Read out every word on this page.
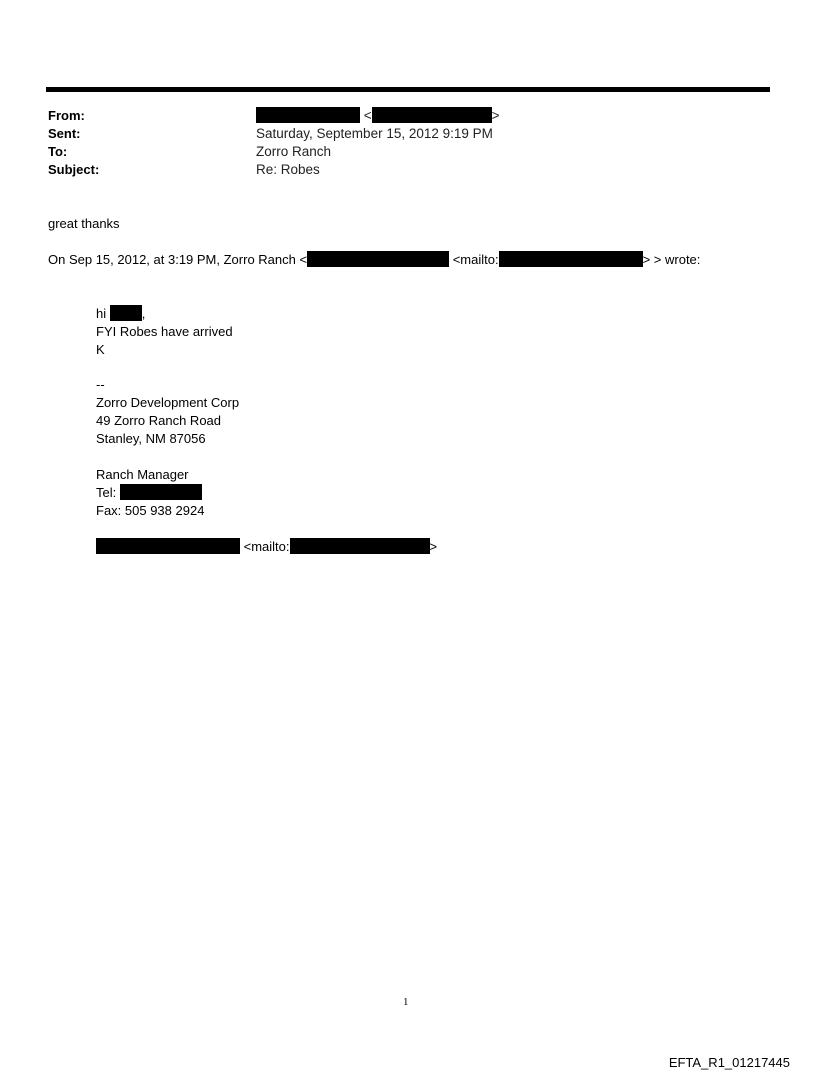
From:	<	>
Sent:	Saturday, September 15, 2012 9:19 PM
To:	Zorro Ranch
Subject:	Re: Robes
great thanks
On Sep 15, 2012, at 3:19 PM, Zorro Ranch <	<mailto:	> > wrote:
hi	,
FYI Robes have arrived
K
--
Zorro Development Corp
49 Zorro Ranch Road
Stanley, NM 87056
Ranch Manager
Tel:
Fax: 505 938 2924
<mailto:	>
1
EFTA_R1_01217445
